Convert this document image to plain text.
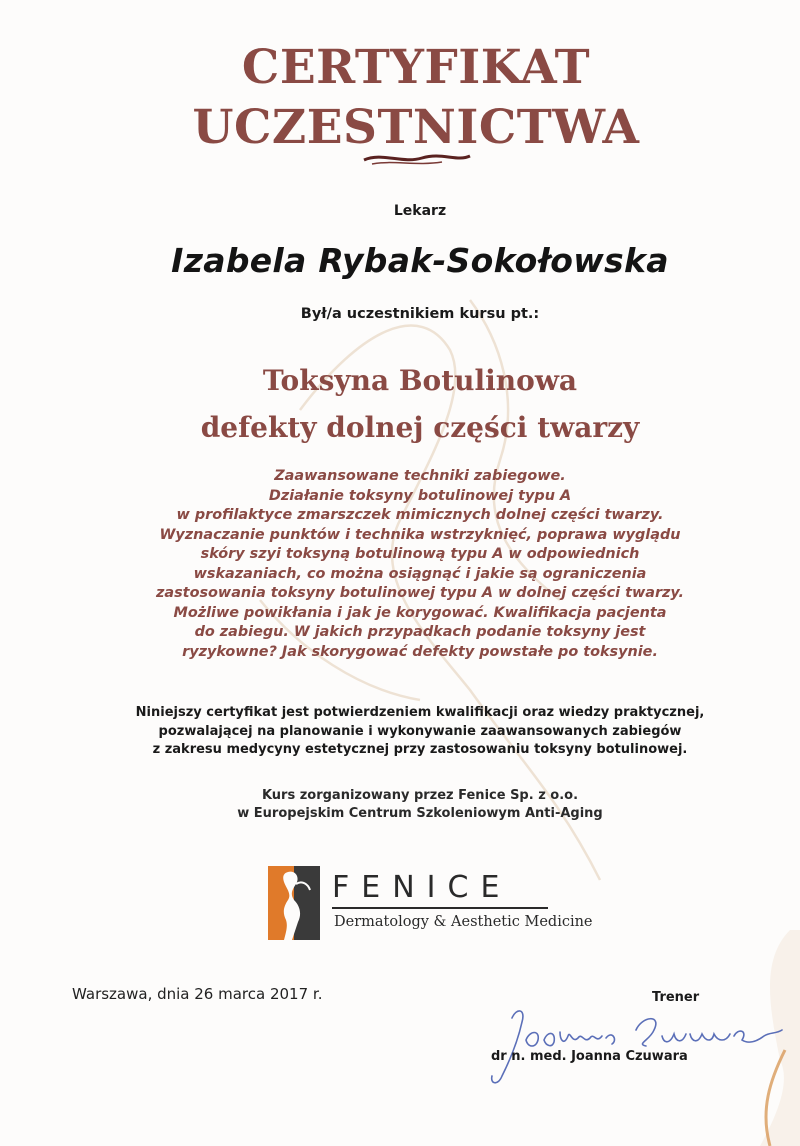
CERTYFIKAT
UCZESTNICTWA
Lekarz
Izabela Rybak-Sokołowska
Był/a uczestnikiem kursu pt.:
Toksyna Botulinowa
defekty dolnej części twarzy
Zaawansowane techniki zabiegowe.
Działanie toksyny botulinowej typu A
w profilaktyce zmarszczek mimicznych dolnej części twarzy.
Wyznaczanie punktów i technika wstrzyknięć, poprawa wyglądu
skóry szyi toksyną botulinową typu A w odpowiednich
wskazaniach, co można osiągnąć i jakie są ograniczenia
zastosowania toksyny botulinowej typu A w dolnej części twarzy.
Możliwe powikłania i jak je korygować. Kwalifikacja pacjenta
do zabiegu. W jakich przypadkach podanie toksyny jest
ryzykowne? Jak skorygować defekty powstałe po toksynie.
Niniejszy certyfikat jest potwierdzeniem kwalifikacji oraz wiedzy praktycznej,
pozwalającej na planowanie i wykonywanie zaawansowanych zabiegów
z zakresu medycyny estetycznej przy zastosowaniu toksyny botulinowej.
Kurs zorganizowany przez Fenice Sp. z o.o.
w Europejskim Centrum Szkoleniowym Anti-Aging
FENICE
Dermatology & Aesthetic Medicine
Warszawa, dnia 26 marca 2017 r.	Trener
dr n. med. Joanna Czuwara
